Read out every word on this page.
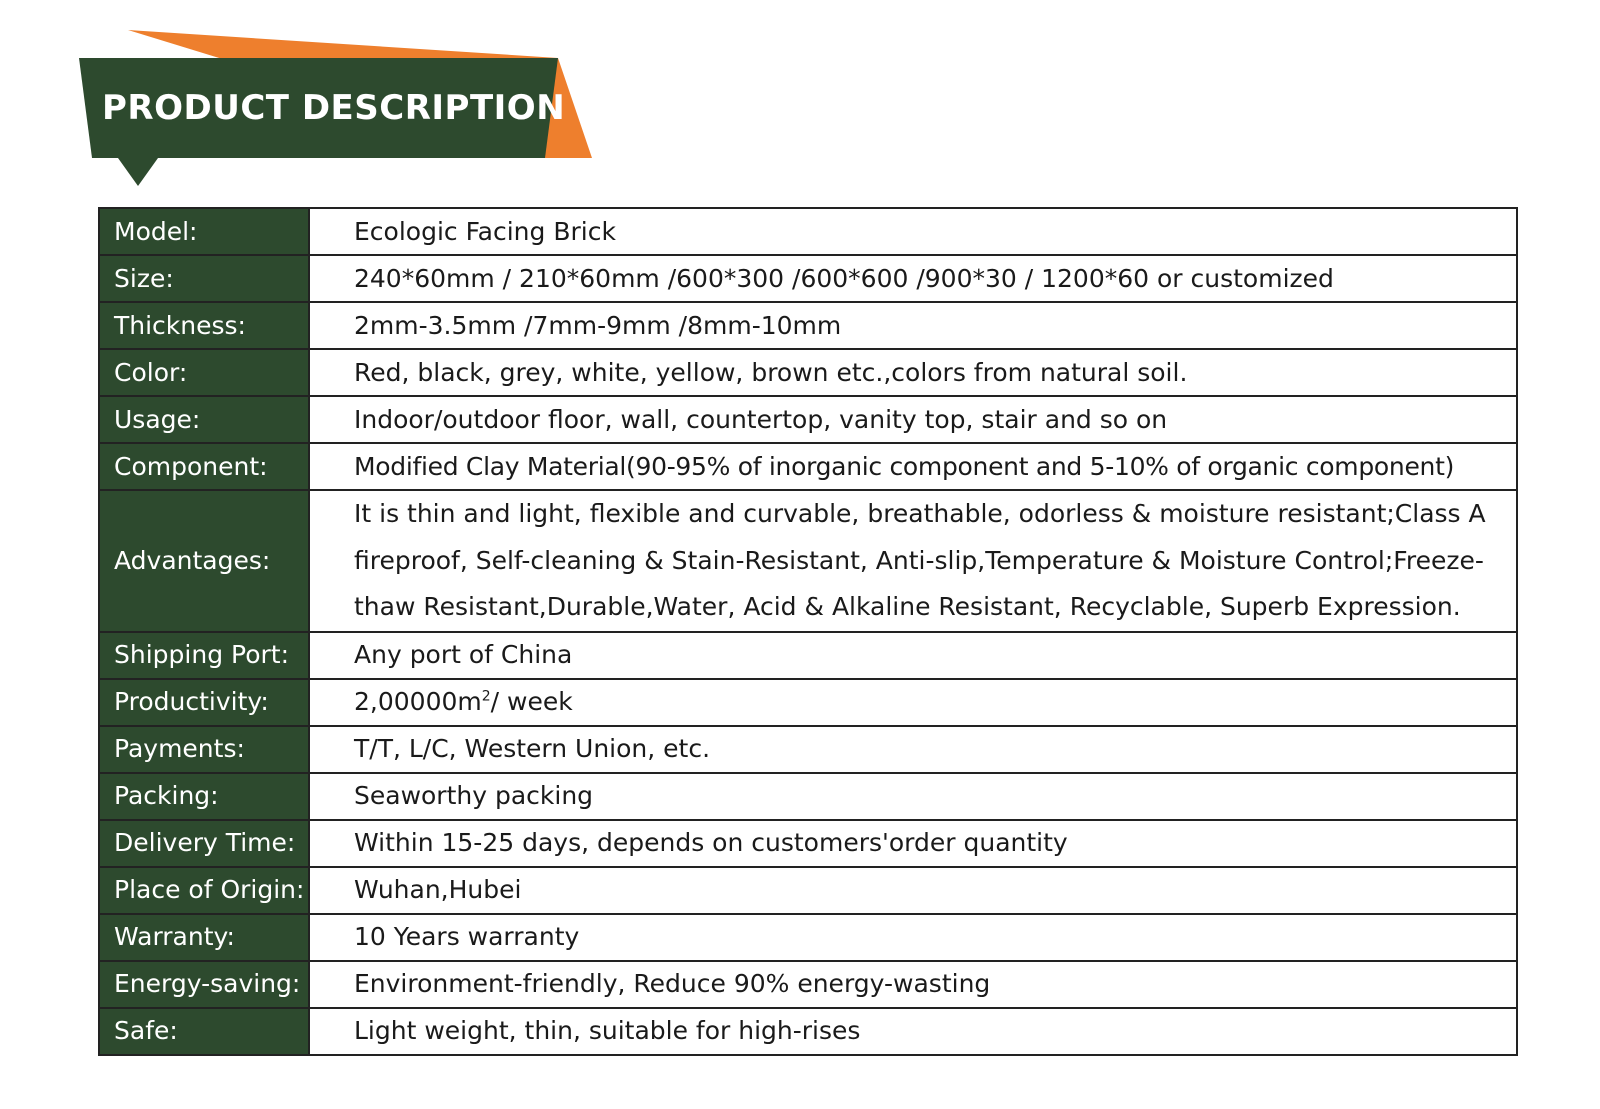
PRODUCT DESCRIPTION
Model:	Ecologic Facing Brick
Size:	240*60mm / 210*60mm /600*300 /600*600 /900*30 / 1200*60 or customized
Thickness:	2mm-3.5mm /7mm-9mm /8mm-10mm
Color:	Red, black, grey, white, yellow, brown etc.,colors from natural soil.
Usage:	Indoor/outdoor floor, wall, countertop, vanity top, stair and so on
Component:	Modified Clay Material(90-95% of inorganic component and 5-10% of organic component)
Advantages:	It is thin and light, flexible and curvable, breathable, odorless & moisture resistant;Class A fireproof, Self-cleaning & Stain-Resistant, Anti-slip,Temperature & Moisture Control;Freeze-thaw Resistant,Durable,Water, Acid & Alkaline Resistant, Recyclable, Superb Expression.
Shipping Port:	Any port of China
Productivity:	$2,00000m^2/$ week
Payments:	T/T, L/C, Western Union, etc.
Packing:	Seaworthy packing
Delivery Time:	Within 15-25 days, depends on customers'order quantity
Place of Origin:	Wuhan,Hubei
Warranty:	10 Years warranty
Energy-saving:	Environment-friendly, Reduce 90% energy-wasting
Safe:	Light weight, thin, suitable for high-rises
